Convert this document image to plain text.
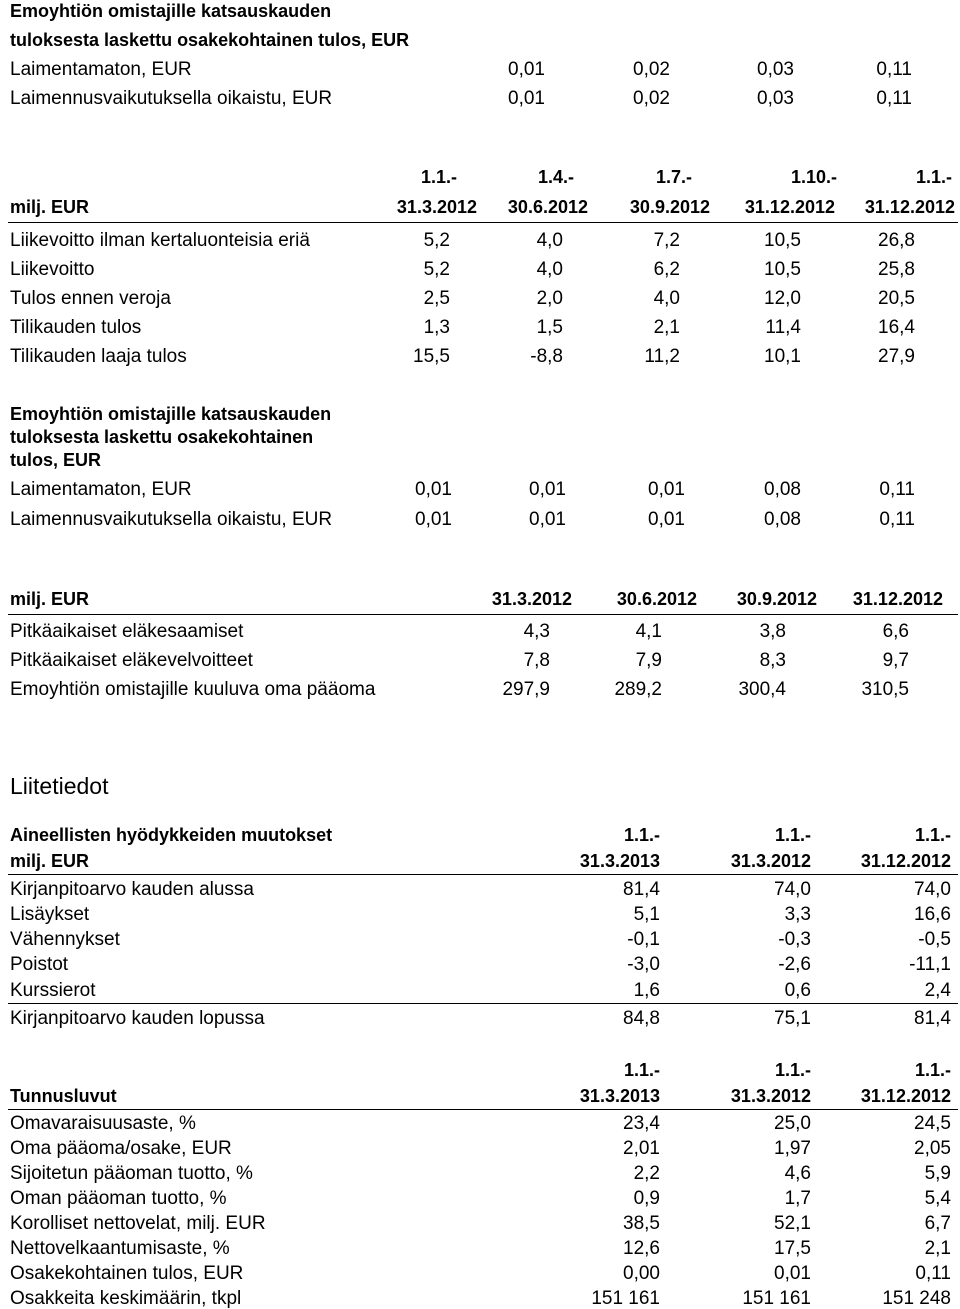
Emoyhtiön omistajille katsauskauden
tuloksesta laskettu osakekohtainen tulos, EUR
Laimentamaton, EUR	0,01	0,02	0,03	0,11
Laimennusvaikutuksella oikaistu, EUR	0,01	0,02	0,03	0,11
1.1.-	1.4.-	1.7.-	1.10.-	1.1.-
milj. EUR	31.3.2012	30.6.2012	30.9.2012	31.12.2012	31.12.2012
Liikevoitto ilman kertaluonteisia eriä	5,2	4,0	7,2	10,5	26,8
Liikevoitto	5,2	4,0	6,2	10,5	25,8
Tulos ennen veroja	2,5	2,0	4,0	12,0	20,5
Tilikauden tulos	1,3	1,5	2,1	11,4	16,4
Tilikauden laaja tulos	15,5	-8,8	11,2	10,1	27,9
Emoyhtiön omistajille katsauskauden
tuloksesta laskettu osakekohtainen
tulos, EUR
Laimentamaton, EUR	0,01	0,01	0,01	0,08	0,11
Laimennusvaikutuksella oikaistu, EUR	0,01	0,01	0,01	0,08	0,11
milj. EUR	31.3.2012	30.6.2012	30.9.2012	31.12.2012
Pitkäaikaiset eläkesaamiset	4,3	4,1	3,8	6,6
Pitkäaikaiset eläkevelvoitteet	7,8	7,9	8,3	9,7
Emoyhtiön omistajille kuuluva oma pääoma	297,9	289,2	300,4	310,5
Liitetiedot
Aineellisten hyödykkeiden muutokset	1.1.-	1.1.-	1.1.-
milj. EUR	31.3.2013	31.3.2012	31.12.2012
Kirjanpitoarvo kauden alussa	81,4	74,0	74,0
Lisäykset	5,1	3,3	16,6
Vähennykset	-0,1	-0,3	-0,5
Poistot	-3,0	-2,6	-11,1
Kurssierot	1,6	0,6	2,4
Kirjanpitoarvo kauden lopussa	84,8	75,1	81,4
1.1.-	1.1.-	1.1.-
Tunnusluvut	31.3.2013	31.3.2012	31.12.2012
Omavaraisuusaste, %	23,4	25,0	24,5
Oma pääoma/osake, EUR	2,01	1,97	2,05
Sijoitetun pääoman tuotto, %	2,2	4,6	5,9
Oman pääoman tuotto, %	0,9	1,7	5,4
Korolliset nettovelat, milj. EUR	38,5	52,1	6,7
Nettovelkaantumisaste, %	12,6	17,5	2,1
Osakekohtainen tulos, EUR	0,00	0,01	0,11
Osakkeita keskimäärin, tkpl	151 161	151 161	151 248
